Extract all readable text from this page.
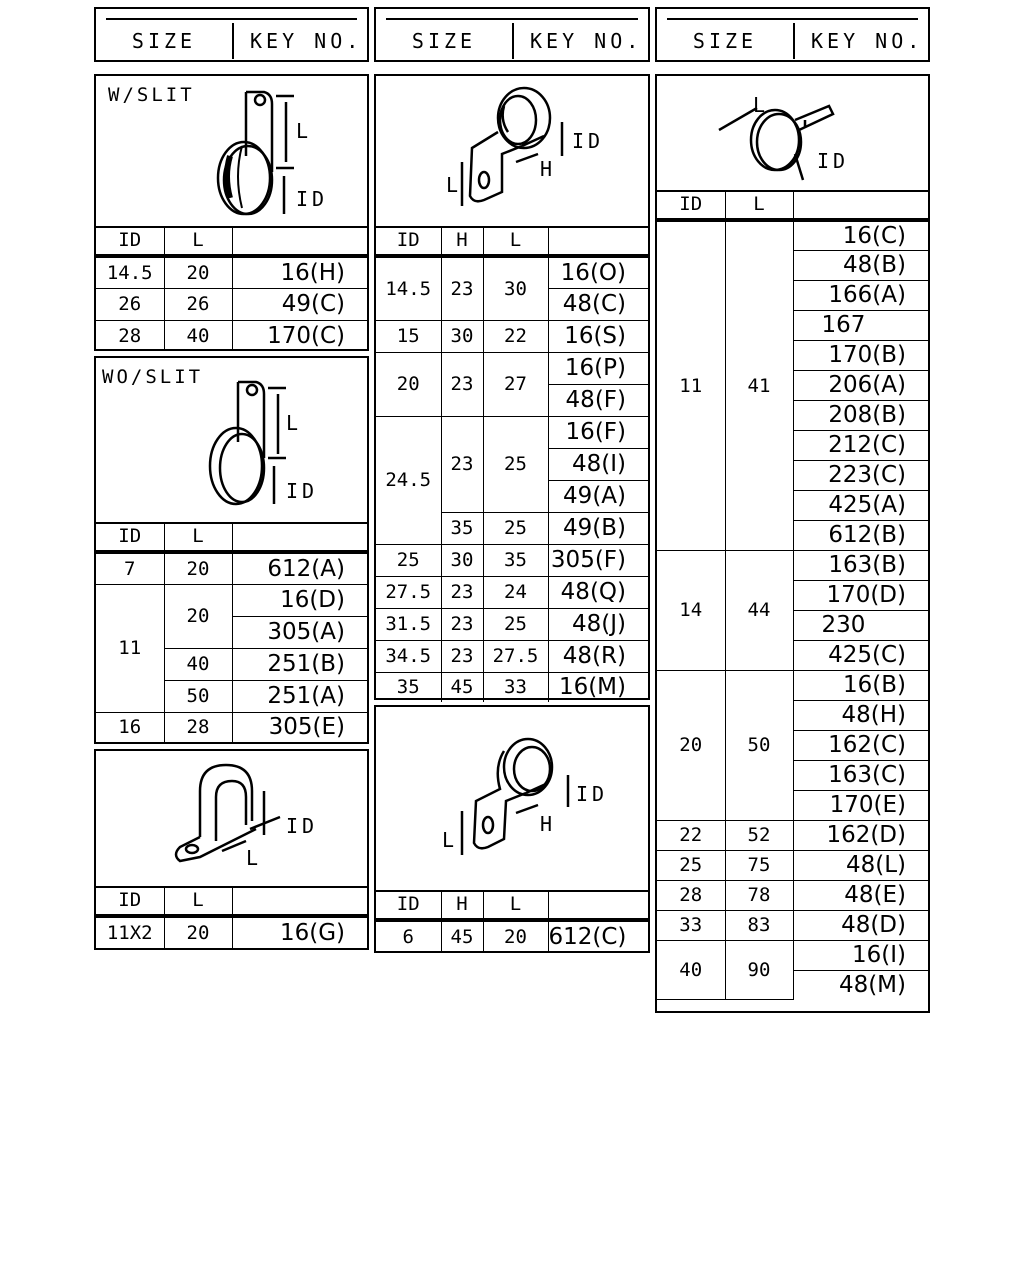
SIZE	KEY NO.	SIZE	KEY NO.	SIZE	KEY NO.
W/SLIT
L
ID
ID	L	
14.5	20	16(H)
26	26	49(C)
28	40	170(C)
WO/SLIT
L
ID
ID	L	
7	20	612(A)
11	20	16(D)
		305(A)
	40	251(B)
	50	251(A)
16	28	305(E)
ID
L
ID	L	
11X2	20	16(G)
ID
L
H
ID	H	L	
14.5	23	30	16(O)
			48(C)
15	30	22	16(S)
20	23	27	16(P)
			48(F)
24.5	23	25	16(F)
			48(I)
			49(A)
	35	25	49(B)
25	30	35	305(F)
27.5	23	24	48(Q)
31.5	23	25	48(J)
34.5	23	27.5	48(R)
35	45	33	16(M)
ID
L
H
ID	H	L	
6	45	20	612(C)
L
ID
ID	L	
11	41	16(C)
		48(B)
		166(A)
		167
		170(B)
		206(A)
		208(B)
		212(C)
		223(C)
		425(A)
		612(B)
14	44	163(B)
		170(D)
		230
		425(C)
20	50	16(B)
		48(H)
		162(C)
		163(C)
		170(E)
22	52	162(D)
25	75	48(L)
28	78	48(E)
33	83	48(D)
40	90	16(I)
		48(M)
